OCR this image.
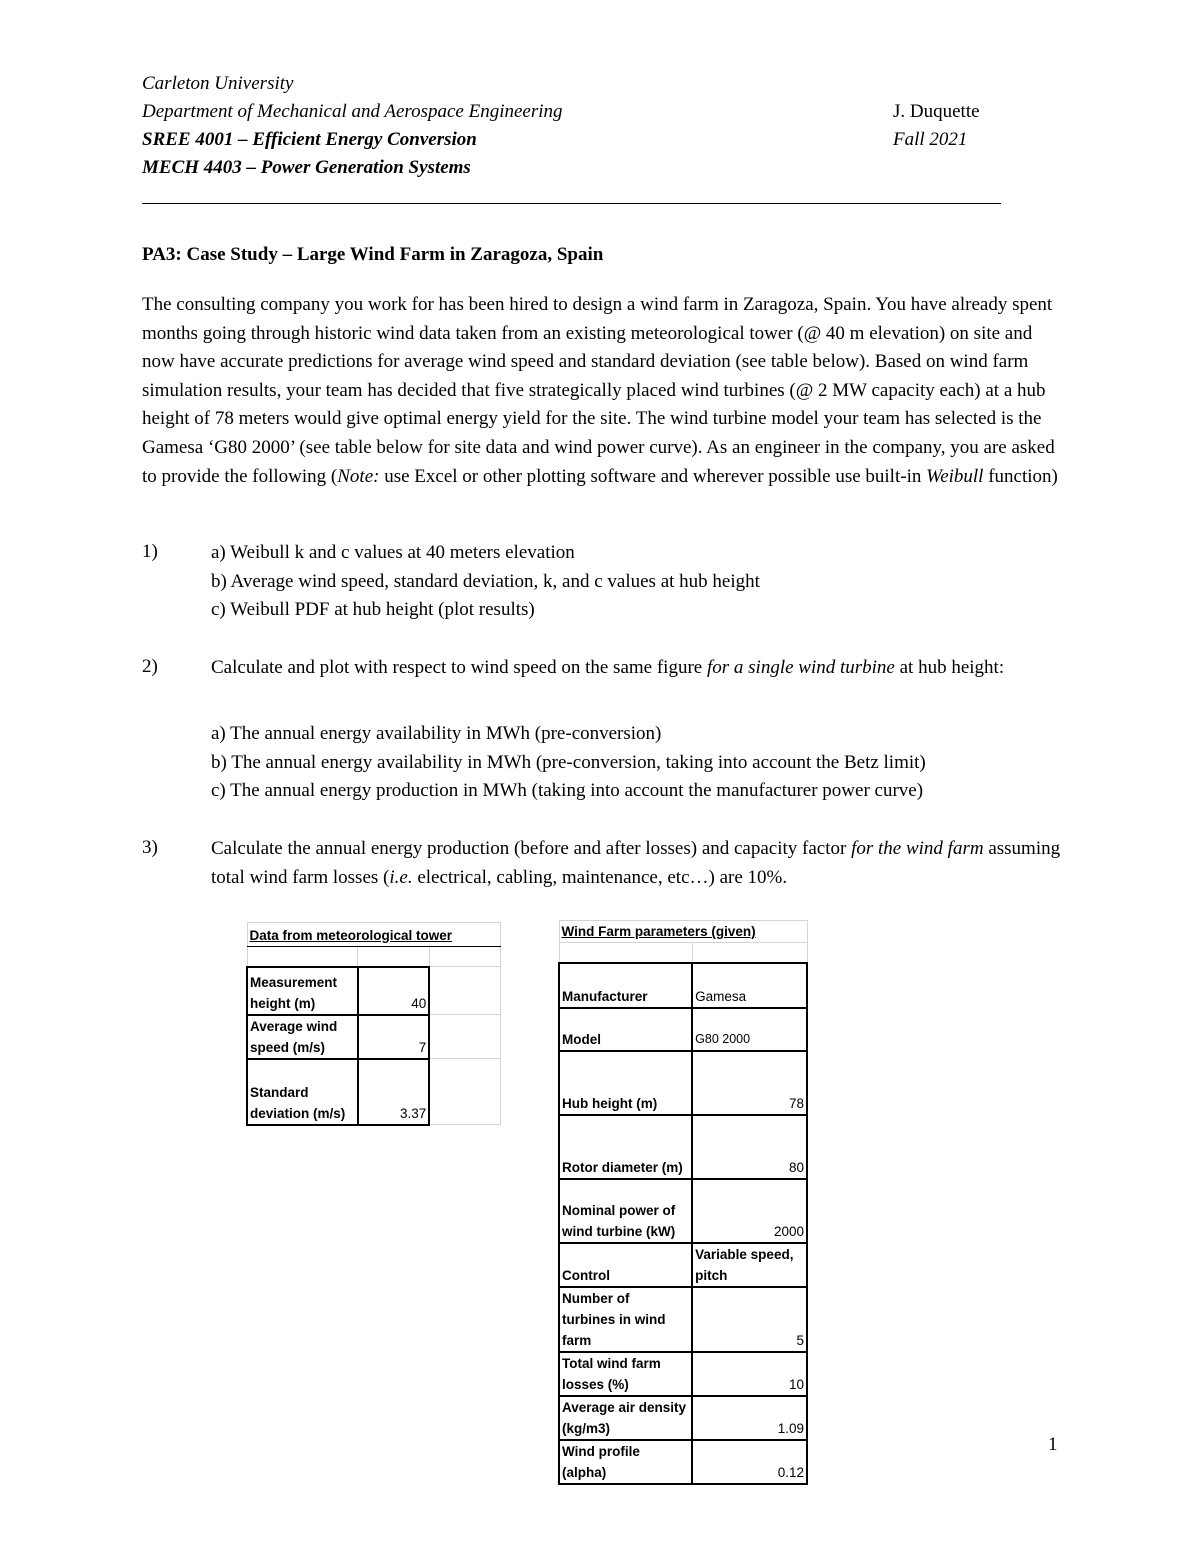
Carleton University
Department of Mechanical and Aerospace Engineering
SREE 4001 – Efficient Energy Conversion
MECH 4403 – Power Generation Systems
J. Duquette
Fall 2021
PA3: Case Study – Large Wind Farm in Zaragoza, Spain
The consulting company you work for has been hired to design a wind farm in Zaragoza, Spain. You have already spent months going through historic wind data taken from an existing meteorological tower (@ 40 m elevation) on site and now have accurate predictions for average wind speed and standard deviation (see table below). Based on wind farm simulation results, your team has decided that five strategically placed wind turbines (@ 2 MW capacity each) at a hub height of 78 meters would give optimal energy yield for the site. The wind turbine model your team has selected is the Gamesa ‘G80 2000’ (see table below for site data and wind power curve). As an engineer in the company, you are asked to provide the following (Note: use Excel or other plotting software and wherever possible use built-in Weibull function)
1)	a) Weibull k and c values at 40 meters elevation
b) Average wind speed, standard deviation, k, and c values at hub height
c) Weibull PDF at hub height (plot results)
2)	Calculate and plot with respect to wind speed on the same figure for a single wind turbine at hub height:
a) The annual energy availability in MWh (pre-conversion)
b) The annual energy availability in MWh (pre-conversion, taking into account the Betz limit)
c) The annual energy production in MWh (taking into account the manufacturer power curve)
3)	Calculate the annual energy production (before and after losses) and capacity factor for the wind farm assuming total wind farm losses (i.e. electrical, cabling, maintenance, etc…) are 10%.
Data from meteorological tower		

Measurement
height (m)	40	

Average wind
speed (m/s)	7	

Standard
deviation (m/s)	3.37	
Wind Farm parameters (given)	

Manufacturer	Gamesa
Model	G80 2000
Hub height (m)	78
Rotor diameter (m)	80

Nominal power of
wind turbine (kW)	2000
Control	Variable speed,
pitch

Number of
turbines in wind
farm	5

Total wind farm
losses (%)	10

Average air density
(kg/m3)	1.09

Wind profile
(alpha)	0.12
1
